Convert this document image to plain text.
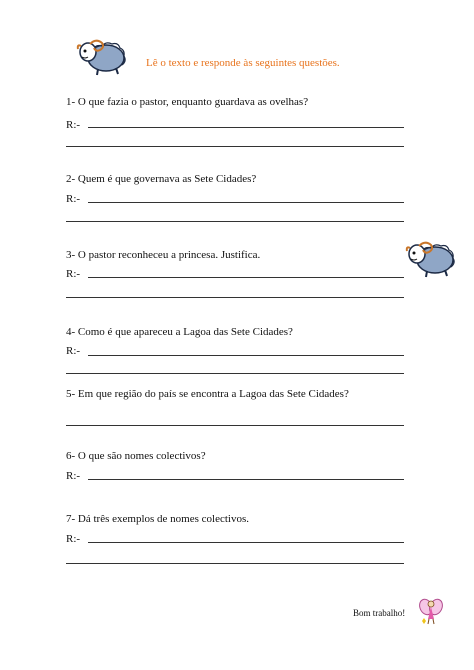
Lê o texto e responde às seguintes questões.
1- O que fazia o pastor, enquanto guardava as ovelhas?
R:-
2- Quem é que governava as Sete Cidades?
R:-
3- O pastor reconheceu a princesa. Justifica.
R:-
4- Como é que apareceu a Lagoa das Sete Cidades?
R:-
5- Em que região do país se encontra a Lagoa das Sete Cidades?
6- O que são nomes colectivos?
R:-
7- Dá três exemplos de nomes colectivos.
R:-
Bom trabalho!
